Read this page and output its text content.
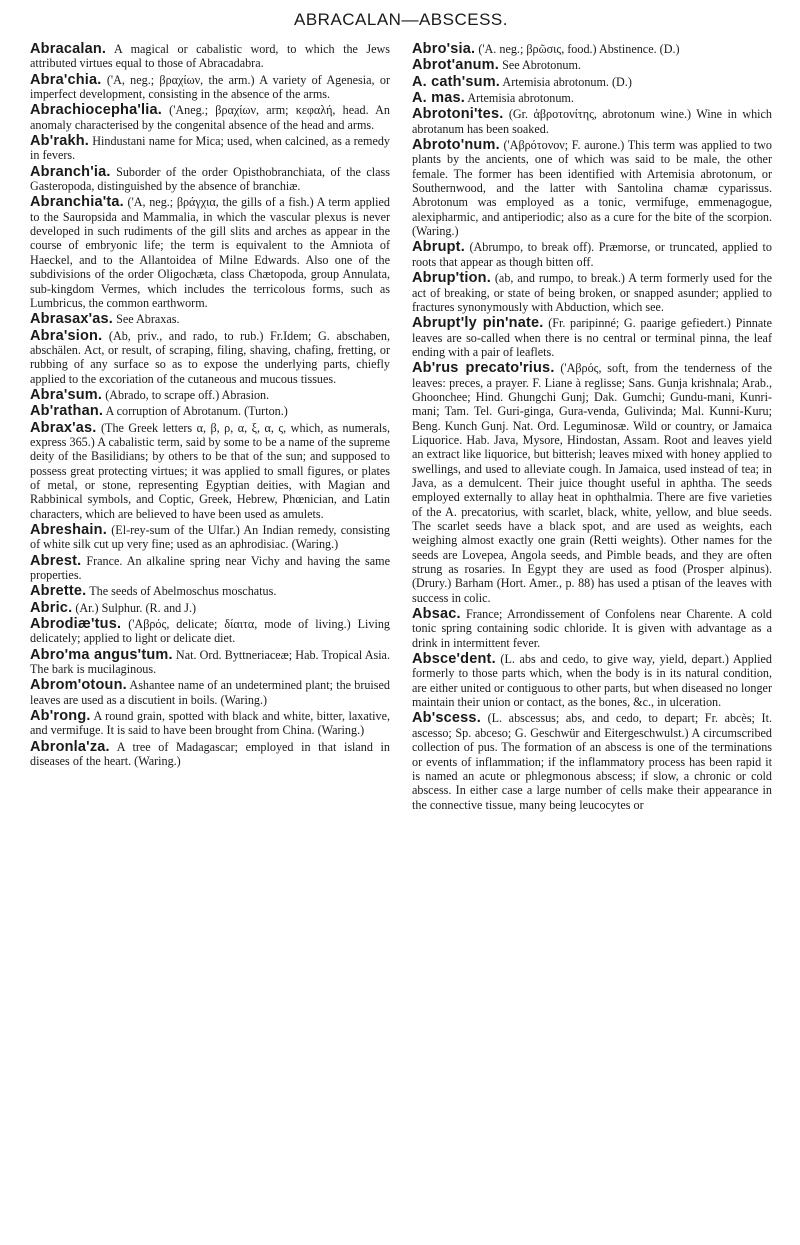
ABRACALAN—ABSCESS.

Abracalan. A magical or cabalistic word, to which the Jews attributed virtues equal to those of Abracadabra.

Abra'chia. ('A, neg.; βραχίων, the arm.) A variety of Agenesia, or imperfect development, consisting in the absence of the arms.

Abrachiocepha'lia. ('Aneg.; βραχίων, arm; κεφαλή, head. An anomaly characterised by the congenital absence of the head and arms.

Ab'rakh. Hindustani name for Mica; used, when calcined, as a remedy in fevers.

Abranch'ia. Suborder of the order Opisthobranchiata, of the class Gasteropoda, distinguished by the absence of branchiæ.

Abranchia'ta. ('A, neg.; βράγχια, the gills of a fish.) A term applied to the Sauropsida and Mammalia, in which the vascular plexus is never developed in such rudiments of the gill slits and arches as appear in the course of embryonic life; the term is equivalent to the Amniota of Haeckel, and to the Allantoidea of Milne Edwards. Also one of the subdivisions of the order Oligochæta, class Chætopoda, group Annulata, sub-kingdom Vermes, which includes the terricolous forms, such as Lumbricus, the common earthworm.

Abrasax'as. See Abraxas.

Abra'sion. (Ab, priv., and rado, to rub.) Fr.Idem; G. abschaben, abschälen. Act, or result, of scraping, filing, shaving, chafing, fretting, or rubbing of any surface so as to expose the underlying parts, chiefly applied to the excoriation of the cutaneous and mucous tissues.

Abra'sum. (Abrado, to scrape off.) Abrasion.

Ab'rathan. A corruption of Abrotanum. (Turton.)

Abrax'as. (The Greek letters α, β, ρ, α, ξ, α, ς, which, as numerals, express 365.) A cabalistic term, said by some to be a name of the supreme deity of the Basilidians; by others to be that of the sun; and supposed to possess great protecting virtues; it was applied to small figures, or plates of metal, or stone, representing Egyptian deities, with Magian and Rabbinical symbols, and Coptic, Greek, Hebrew, Phœnician, and Latin characters, which are believed to have been used as amulets.

Abreshain. (El-rey-sum of the Ulfar.) An Indian remedy, consisting of white silk cut up very fine; used as an aphrodisiac. (Waring.)

Abrest. France. An alkaline spring near Vichy and having the same properties.

Abrette. The seeds of Abelmoschus moschatus.

Abric. (Ar.) Sulphur. (R. and J.)

Abrodiæ'tus. ('Aβρός, delicate; δίαιτα, mode of living.) Living delicately; applied to light or delicate diet.

Abro'ma angus'tum. Nat. Ord. Byttneriaceæ; Hab. Tropical Asia. The bark is mucilaginous.

Abrom'otoun. Ashantee name of an undetermined plant; the bruised leaves are used as a discutient in boils. (Waring.)

Ab'rong. A round grain, spotted with black and white, bitter, laxative, and vermifuge. It is said to have been brought from China. (Waring.)

Abronla'za. A tree of Madagascar; employed in that island in diseases of the heart. (Waring.)

Abro'sia. ('A. neg.; βρῶσις, food.) Abstinence. (D.)

Abrot'anum. See Abrotonum.

A. cath'sum. Artemisia abrotonum. (D.)

A. mas. Artemisia abrotonum.

Abrotoni'tes. (Gr. ἀβροτονίτης, abrotonum wine.) Wine in which abrotanum has been soaked.

Abroto'num. ('Aβρότονον; F. aurone.) This term was applied to two plants by the ancients, one of which was said to be male, the other female. The former has been identified with Artemisia abrotonum, or Southernwood, and the latter with Santolina chamæ cyparissus. Abrotonum was employed as a tonic, vermifuge, emmenagogue, alexipharmic, and antiperiodic; also as a cure for the bite of the scorpion. (Waring.)

Abrupt. (Abrumpo, to break off). Præmorse, or truncated, applied to roots that appear as though bitten off.

Abrup'tion. (ab, and rumpo, to break.) A term formerly used for the act of breaking, or state of being broken, or snapped asunder; applied to fractures synonymously with Abduction, which see.

Abrupt'ly pin'nate. (Fr. paripinné; G. paarige gefiedert.) Pinnate leaves are so-called when there is no central or terminal pinna, the leaf ending with a pair of leaflets.

Ab'rus precato'rius. ('Aβρός, soft, from the tenderness of the leaves: preces, a prayer. F. Liane à reglisse; Sans. Gunja krishnala; Arab., Ghoonchee; Hind. Ghungchi Gunj; Dak. Gumchi; Gundu-mani, Kunri-mani; Tam. Tel. Guri-ginga, Gura-venda, Gulivinda; Mal. Kunni-Kuru; Beng. Kunch Gunj. Nat. Ord. Leguminosæ. Wild or country, or Jamaica Liquorice. Hab. Java, Mysore, Hindostan, Assam. Root and leaves yield an extract like liquorice, but bitterish; leaves mixed with honey applied to swellings, and used to alleviate cough. In Jamaica, used instead of tea; in Java, as a demulcent. Their juice thought useful in aphtha. The seeds employed externally to allay heat in ophthalmia. There are five varieties of the A. precatorius, with scarlet, black, white, yellow, and blue seeds. The scarlet seeds have a black spot, and are used as weights, each weighing almost exactly one grain (Retti weights). Other names for the seeds are Lovepea, Angola seeds, and Pimble beads, and they are often strung as rosaries. In Egypt they are used as food (Prosper alpinus). (Drury.) Barham (Hort. Amer., p. 88) has used a ptisan of the leaves with success in colic.

Absac. France; Arrondissement of Confolens near Charente. A cold tonic spring containing sodic chloride. It is given with advantage as a drink in intermittent fever.

Absce'dent. (L. abs and cedo, to give way, yield, depart.) Applied formerly to those parts which, when the body is in its natural condition, are either united or contiguous to other parts, but when diseased no longer maintain their union or contact, as the bones, &c., in ulceration.

Ab'scess. (L. abscessus; abs, and cedo, to depart; Fr. abcès; It. ascesso; Sp. abceso; G. Geschwür and Eitergeschwulst.) A circumscribed collection of pus. The formation of an abscess is one of the terminations or events of inflammation; if the inflammatory process has been rapid it is named an acute or phlegmonous abscess; if slow, a chronic or cold abscess. In either case a large number of cells make their appearance in the connective tissue, many being leucocytes or
